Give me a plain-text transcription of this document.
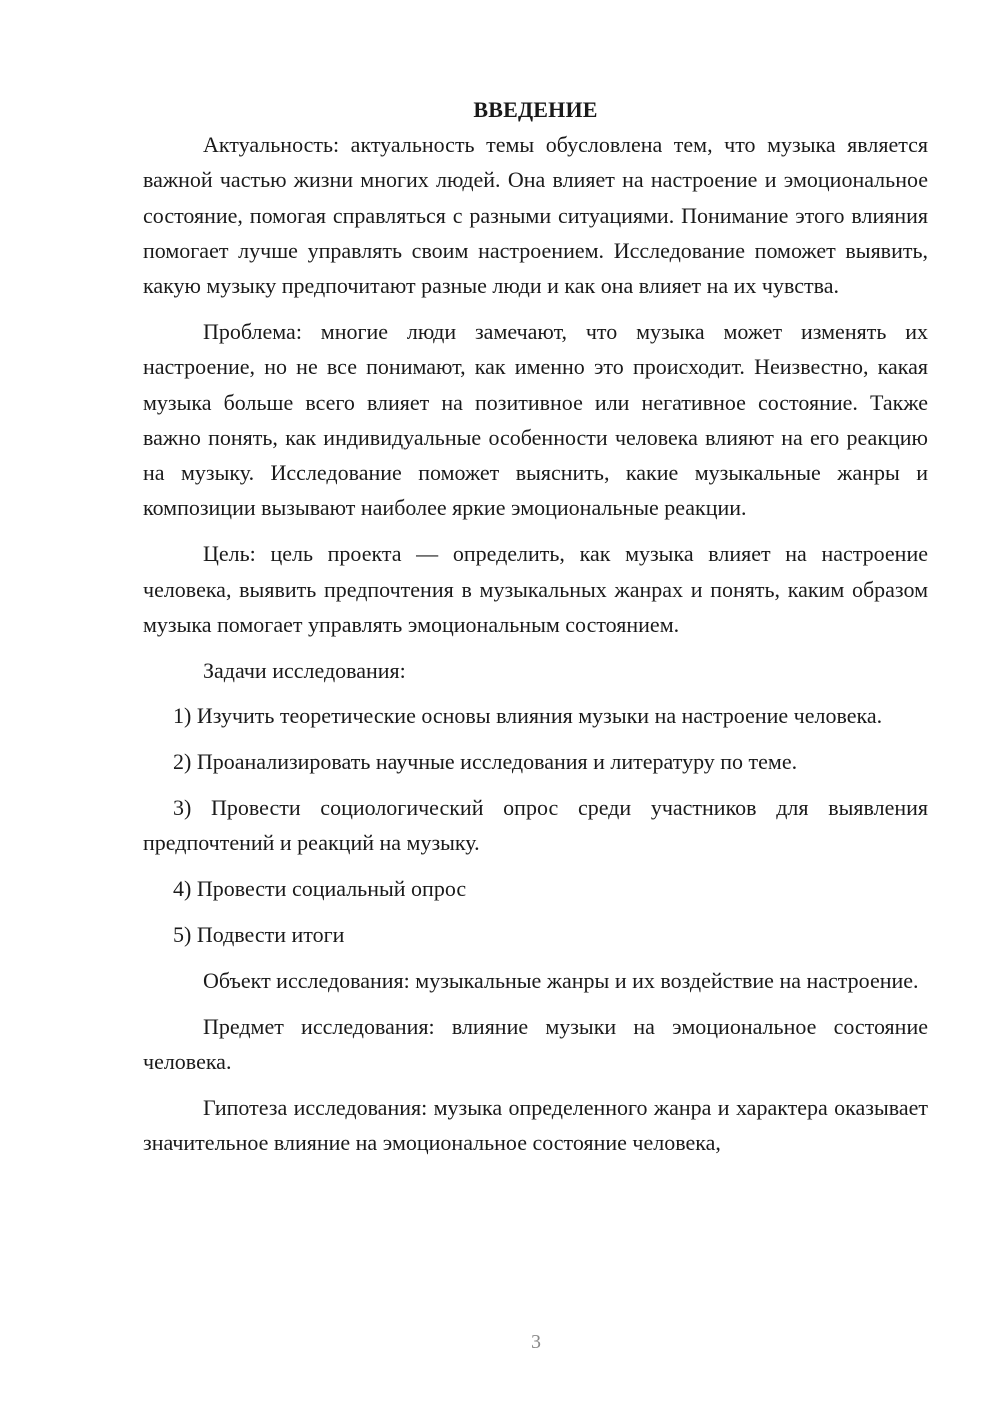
ВВЕДЕНИЕ

Актуальность: актуальность темы обусловлена тем, что музыка является важной частью жизни многих людей. Она влияет на настроение и эмоциональное состояние, помогая справляться с разными ситуациями. Понимание этого влияния помогает лучше управлять своим настроением. Исследование поможет выявить, какую музыку предпочитают разные люди и как она влияет на их чувства.

Проблема: многие люди замечают, что музыка может изменять их настроение, но не все понимают, как именно это происходит. Неизвестно, какая музыка больше всего влияет на позитивное или негативное состояние. Также важно понять, как индивидуальные особенности человека влияют на его реакцию на музыку. Исследование поможет выяснить, какие музыкальные жанры и композиции вызывают наиболее яркие эмоциональные реакции.

Цель: цель проекта — определить, как музыка влияет на настроение человека, выявить предпочтения в музыкальных жанрах и понять, каким образом музыка помогает управлять эмоциональным состоянием.

Задачи исследования:

1) Изучить теоретические основы влияния музыки на настроение человека.

2) Проанализировать научные исследования и литературу по теме.

3) Провести социологический опрос среди участников для выявления предпочтений и реакций на музыку.

4) Провести социальный опрос

5) Подвести итоги

Объект исследования: музыкальные жанры и их воздействие на настроение.

Предмет исследования: влияние музыки на эмоциональное состояние человека.

Гипотеза исследования: музыка определенного жанра и характера оказывает значительное влияние на эмоциональное состояние человека,

3
